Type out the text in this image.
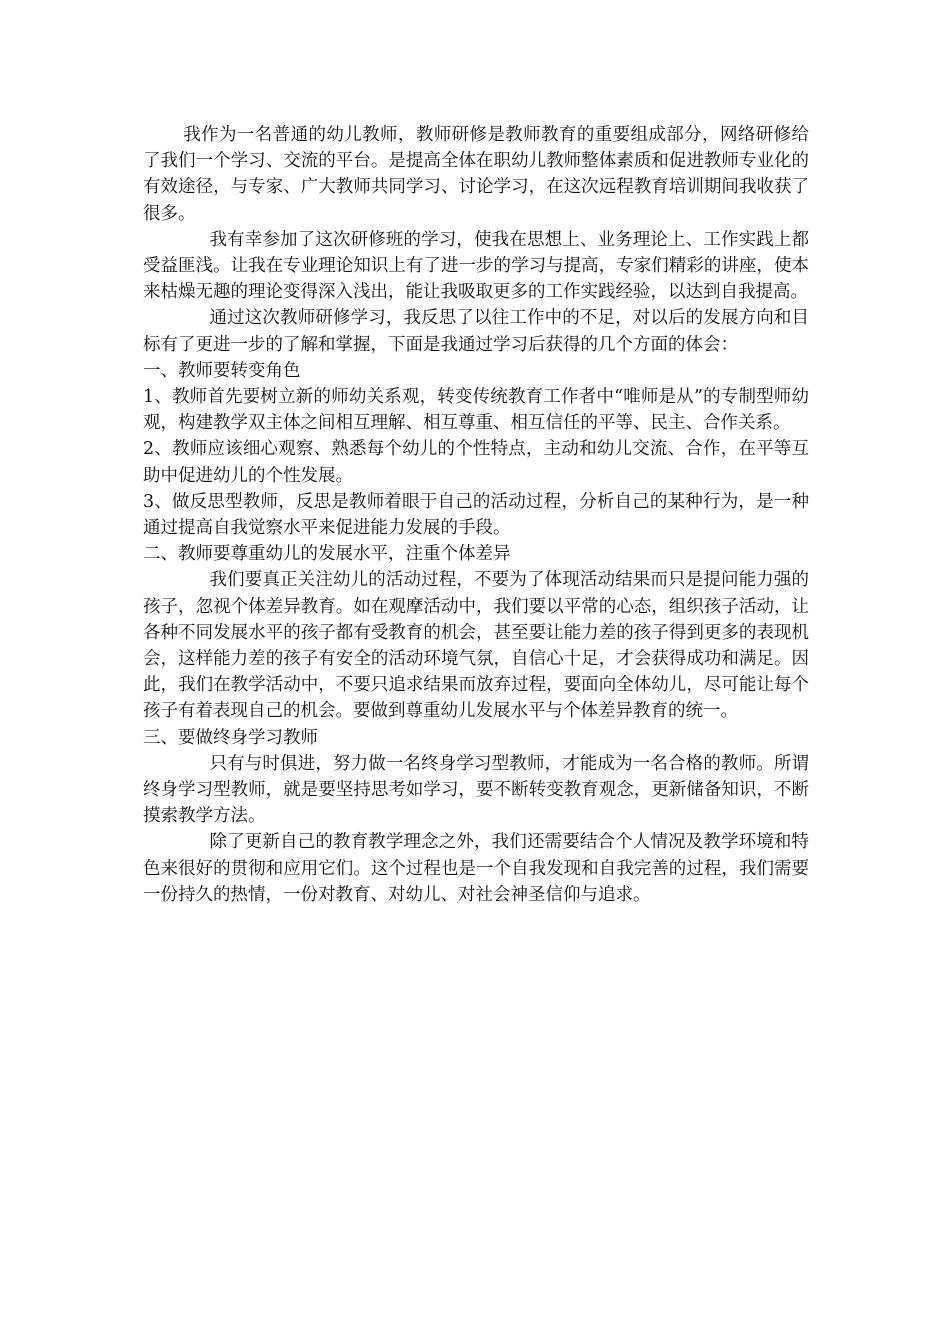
我作为一名普通的幼儿教师，教师研修是教师教育的重要组成部分，网络研修给了我们一个学习、交流的平台。是提高全体在职幼儿教师整体素质和促进教师专业化的有效途径，与专家、广大教师共同学习、讨论学习，在这次远程教育培训期间我收获了很多。

我有幸参加了这次研修班的学习，使我在思想上、业务理论上、工作实践上都受益匪浅。让我在专业理论知识上有了进一步的学习与提高，专家们精彩的讲座，使本来枯燥无趣的理论变得深入浅出，能让我吸取更多的工作实践经验，以达到自我提高。

通过这次教师研修学习，我反思了以往工作中的不足，对以后的发展方向和目标有了更进一步的了解和掌握，下面是我通过学习后获得的几个方面的体会：

一、教师要转变角色

1、教师首先要树立新的师幼关系观，转变传统教育工作者中“唯师是从”的专制型师幼观，构建教学双主体之间相互理解、相互尊重、相互信任的平等、民主、合作关系。

2、教师应该细心观察、熟悉每个幼儿的个性特点，主动和幼儿交流、合作，在平等互助中促进幼儿的个性发展。

3、做反思型教师，反思是教师着眼于自己的活动过程，分析自己的某种行为，是一种通过提高自我觉察水平来促进能力发展的手段。

二、教师要尊重幼儿的发展水平，注重个体差异

我们要真正关注幼儿的活动过程，不要为了体现活动结果而只是提问能力强的孩子，忽视个体差异教育。如在观摩活动中，我们要以平常的心态，组织孩子活动，让各种不同发展水平的孩子都有受教育的机会，甚至要让能力差的孩子得到更多的表现机会，这样能力差的孩子有安全的活动环境气氛，自信心十足，才会获得成功和满足。因此，我们在教学活动中，不要只追求结果而放弃过程，要面向全体幼儿，尽可能让每个孩子有着表现自己的机会。要做到尊重幼儿发展水平与个体差异教育的统一。

三、要做终身学习教师

只有与时俱进，努力做一名终身学习型教师，才能成为一名合格的教师。所谓终身学习型教师，就是要坚持思考如学习，要不断转变教育观念，更新储备知识，不断摸索教学方法。

除了更新自己的教育教学理念之外，我们还需要结合个人情况及教学环境和特色来很好的贯彻和应用它们。这个过程也是一个自我发现和自我完善的过程，我们需要一份持久的热情，一份对教育、对幼儿、对社会神圣信仰与追求。
